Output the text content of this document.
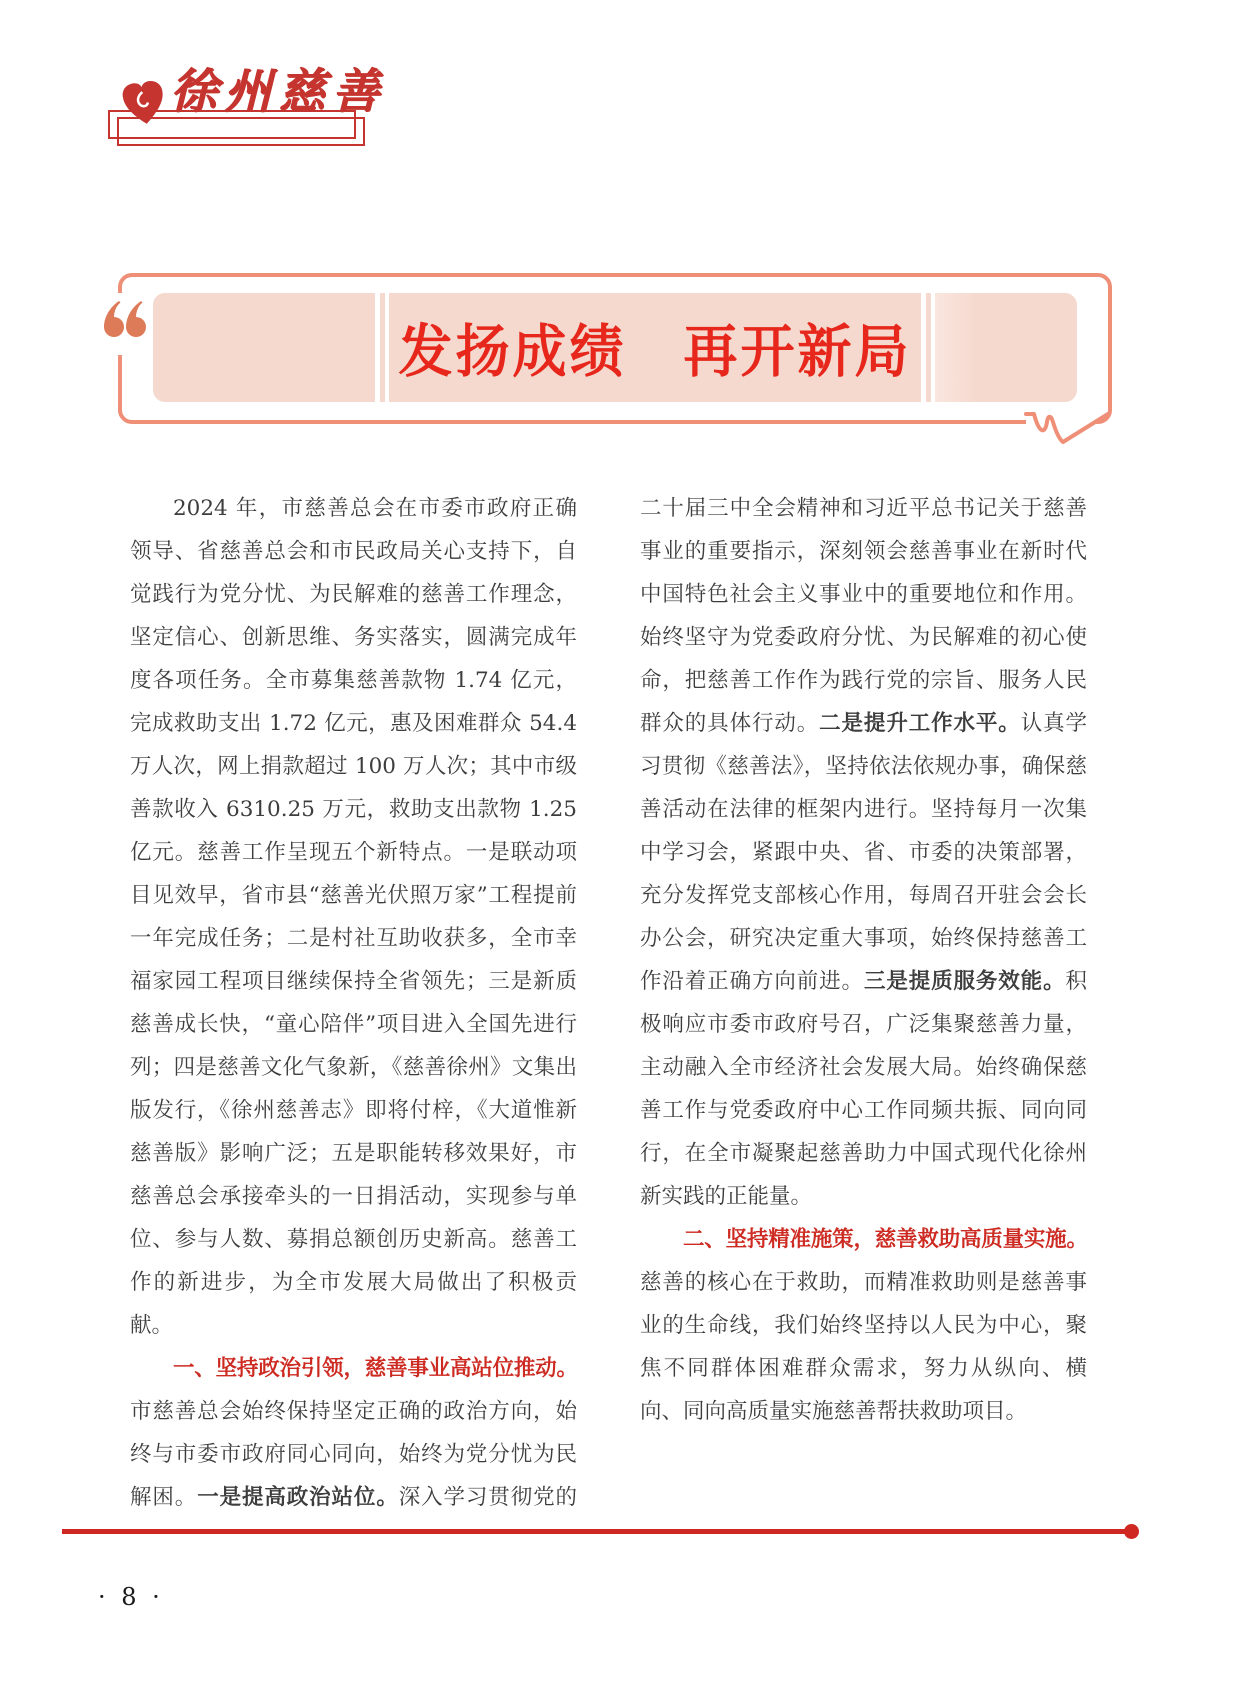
徐州慈善
发扬成绩　再开新局

2024 年，市慈善总会在市委市政府正确领导、省慈善总会和市民政局关心支持下，自觉践行为党分忧、为民解难的慈善工作理念，坚定信心、创新思维、务实落实，圆满完成年度各项任务。全市募集慈善款物 1.74 亿元，完成救助支出 1.72 亿元，惠及困难群众 54.4 万人次，网上捐款超过 100 万人次；其中市级善款收入 6310.25 万元，救助支出款物 1.25 亿元。慈善工作呈现五个新特点。一是联动项目见效早，省市县“慈善光伏照万家”工程提前一年完成任务；二是村社互助收获多，全市幸福家园工程项目继续保持全省领先；三是新质慈善成长快，“童心陪伴”项目进入全国先进行列；四是慈善文化气象新，《慈善徐州》文集出版发行，《徐州慈善志》即将付梓，《大道惟新慈善版》影响广泛；五是职能转移效果好，市慈善总会承接牵头的一日捐活动，实现参与单位、参与人数、募捐总额创历史新高。慈善工作的新进步，为全市发展大局做出了积极贡献。

一、坚持政治引领，慈善事业高站位推动。市慈善总会始终保持坚定正确的政治方向，始终与市委市政府同心同向，始终为党分忧为民解困。一是提高政治站位。深入学习贯彻党的二十届三中全会精神和习近平总书记关于慈善事业的重要指示，深刻领会慈善事业在新时代中国特色社会主义事业中的重要地位和作用。始终坚守为党委政府分忧、为民解难的初心使命，把慈善工作作为践行党的宗旨、服务人民群众的具体行动。二是提升工作水平。认真学习贯彻《慈善法》，坚持依法依规办事，确保慈善活动在法律的框架内进行。坚持每月一次集中学习会，紧跟中央、省、市委的决策部署，充分发挥党支部核心作用，每周召开驻会会长办公会，研究决定重大事项，始终保持慈善工作沿着正确方向前进。三是提质服务效能。积极响应市委市政府号召，广泛集聚慈善力量，主动融入全市经济社会发展大局。始终确保慈善工作与党委政府中心工作同频共振、同向同行，在全市凝聚起慈善助力中国式现代化徐州新实践的正能量。

二、坚持精准施策，慈善救助高质量实施。慈善的核心在于救助，而精准救助则是慈善事业的生命线，我们始终坚持以人民为中心，聚焦不同群体困难群众需求，努力从纵向、横向、同向高质量实施慈善帮扶救助项目。

· 8 ·
